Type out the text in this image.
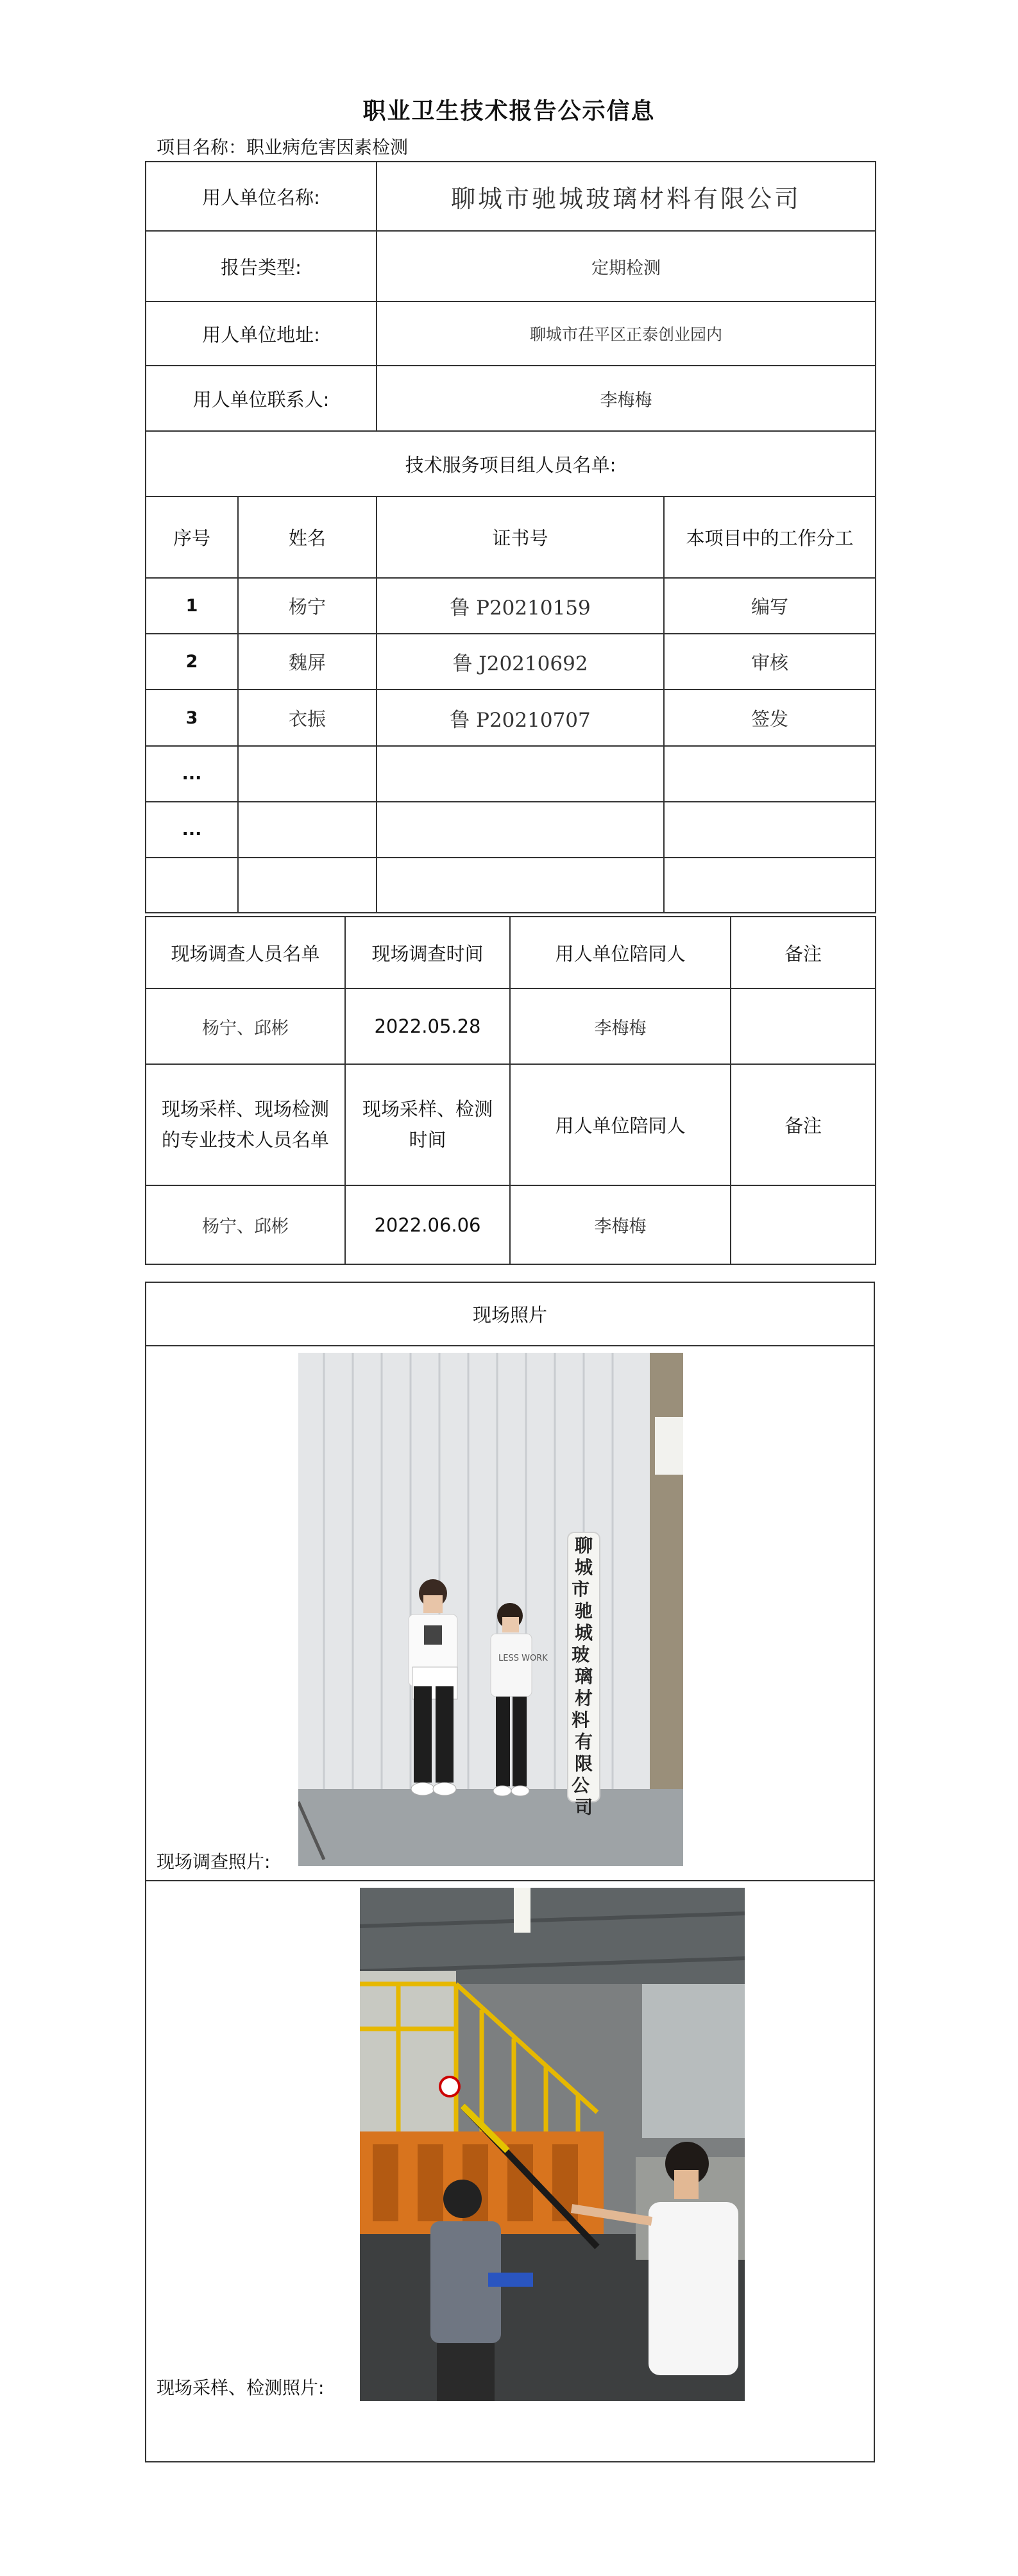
职业卫生技术报告公示信息
项目名称：职业病危害因素检测
用人单位名称:		聊城市驰城玻璃材料有限公司	
报告类型:		定期检测	
用人单位地址:		聊城市茌平区正泰创业园内	
用人单位联系人:		李梅梅	
技术服务项目组人员名单:			
序号	姓名	证书号	本项目中的工作分工
1	杨宁	鲁 P20210159	编写
2	魏屏	鲁 J20210692	审核
3	衣振	鲁 P20210707	签发
...			
...			

现场调查人员名单	现场调查时间	用人单位陪同人	备注
杨宁、邱彬	2022.05.28	李梅梅	
现场采样、现场检测的专业技术人员名单	现场采样、检测时间	用人单位陪同人	备注
杨宁、邱彬	2022.06.06	李梅梅	
现场照片

聊城市 驰城玻 璃材料 有限公 司
LESS WORK
现场调查照片:

现场采样、检测照片:
